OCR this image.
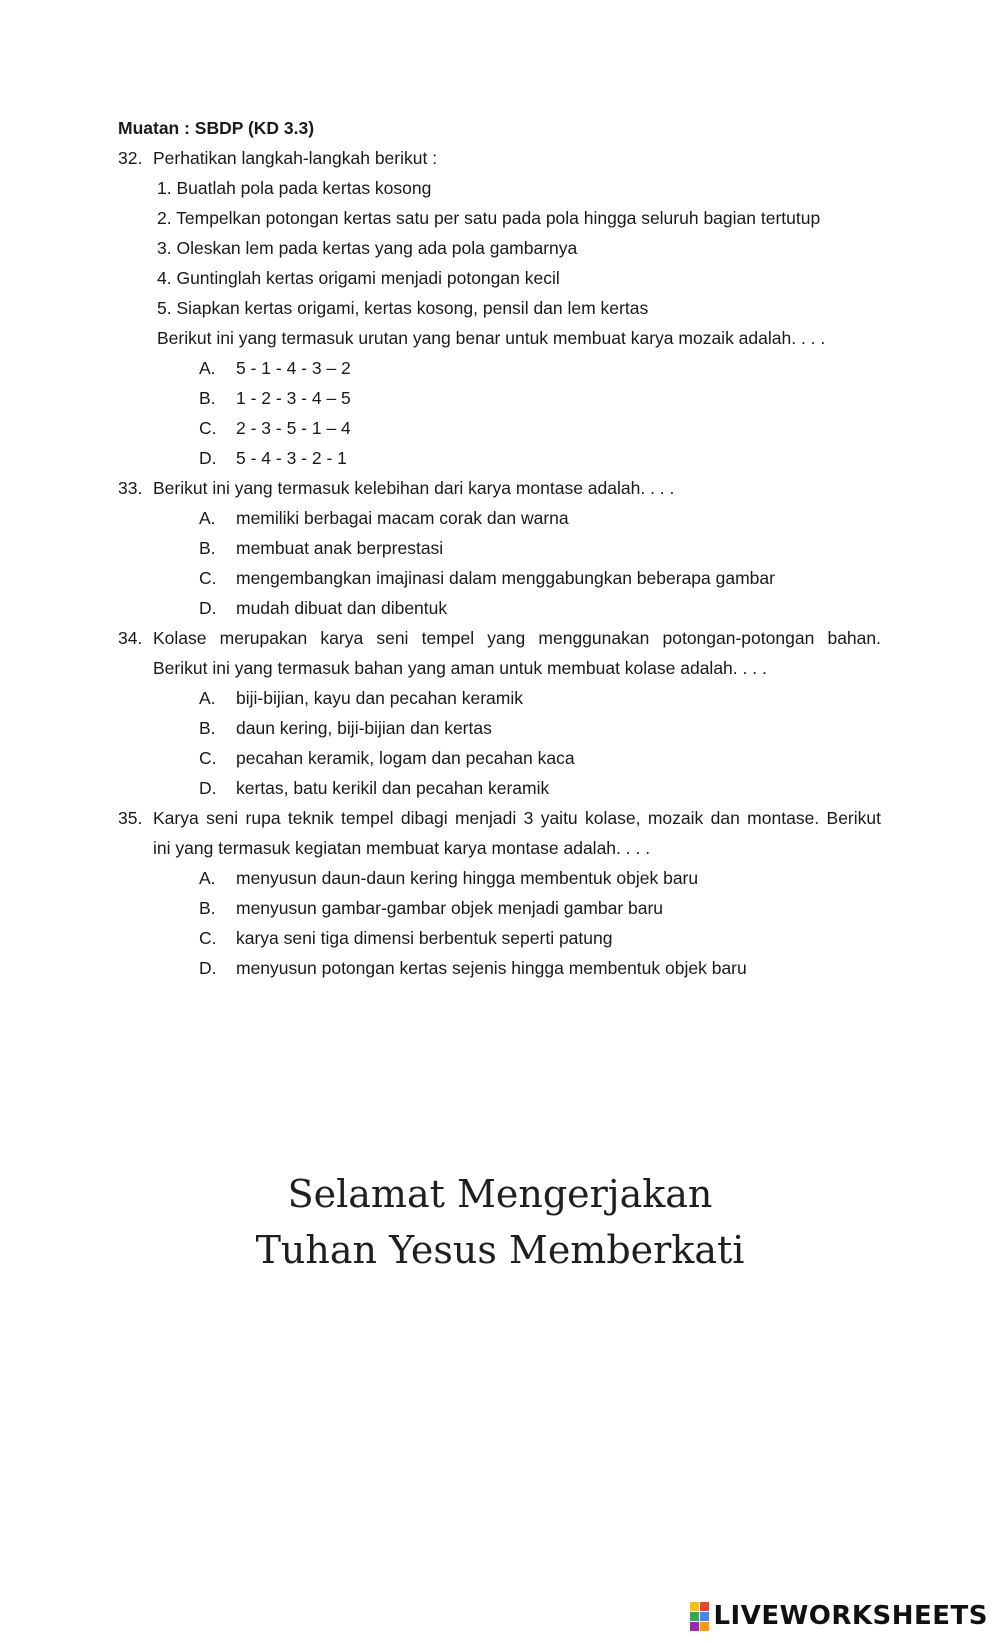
Muatan : SBDP (KD 3.3)
32. Perhatikan langkah-langkah berikut :
1. Buatlah pola pada kertas kosong
2. Tempelkan potongan kertas satu per satu pada pola hingga seluruh bagian tertutup
3. Oleskan lem pada kertas yang ada pola gambarnya
4. Guntinglah kertas origami menjadi potongan kecil
5. Siapkan kertas origami, kertas kosong, pensil dan lem kertas
Berikut ini yang termasuk urutan yang benar untuk membuat karya mozaik adalah. . . .
A. 5 - 1 - 4 - 3 – 2
B. 1 - 2 - 3 - 4 – 5
C. 2 - 3 - 5 - 1 – 4
D. 5 - 4 - 3 - 2 - 1
33. Berikut ini yang termasuk kelebihan dari karya montase adalah. . . .
A. memiliki berbagai macam corak dan warna
B. membuat anak berprestasi
C. mengembangkan imajinasi dalam menggabungkan beberapa gambar
D. mudah dibuat dan dibentuk
34. Kolase merupakan karya seni tempel yang menggunakan potongan-potongan bahan.
Berikut ini yang termasuk bahan yang aman untuk membuat kolase adalah. . . .
A. biji-bijian, kayu dan pecahan keramik
B. daun kering, biji-bijian dan kertas
C. pecahan keramik, logam dan pecahan kaca
D. kertas, batu kerikil dan pecahan keramik
35. Karya seni rupa teknik tempel dibagi menjadi 3 yaitu kolase, mozaik dan montase. Berikut
ini yang termasuk kegiatan membuat karya montase adalah. . . .
A. menyusun daun-daun kering hingga membentuk objek baru
B. menyusun gambar-gambar objek menjadi gambar baru
C. karya seni tiga dimensi berbentuk seperti patung
D. menyusun potongan kertas sejenis hingga membentuk objek baru
Selamat Mengerjakan
Tuhan Yesus Memberkati
LIVEWORKSHEETS
